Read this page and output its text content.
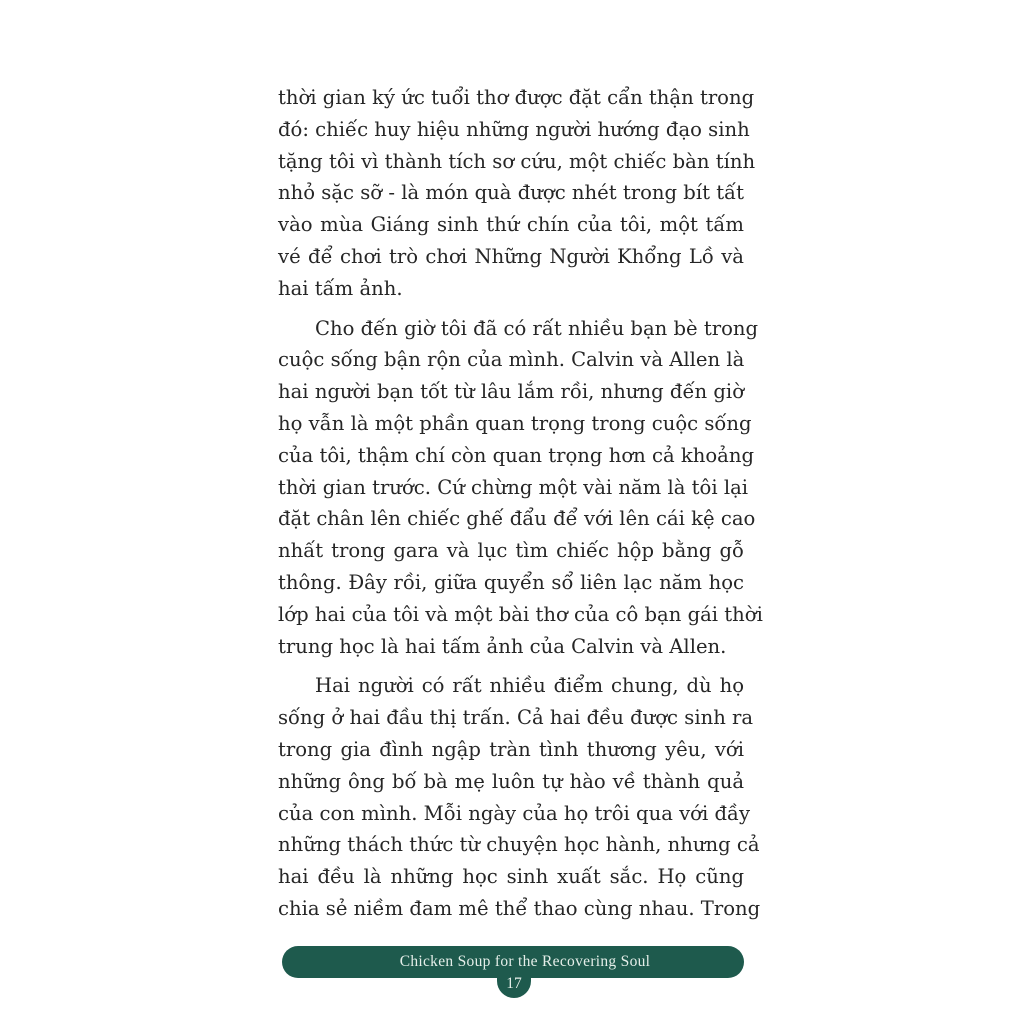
thời gian ký ức tuổi thơ được đặt cẩn thận trong
đó: chiếc huy hiệu những người hướng đạo sinh
tặng tôi vì thành tích sơ cứu, một chiếc bàn tính
nhỏ sặc sỡ - là món quà được nhét trong bít tất
vào mùa Giáng sinh thứ chín của tôi, một tấm
vé để chơi trò chơi Những Người Khổng Lồ và
hai tấm ảnh.
Cho đến giờ tôi đã có rất nhiều bạn bè trong
cuộc sống bận rộn của mình. Calvin và Allen là
hai người bạn tốt từ lâu lắm rồi, nhưng đến giờ
họ vẫn là một phần quan trọng trong cuộc sống
của tôi, thậm chí còn quan trọng hơn cả khoảng
thời gian trước. Cứ chừng một vài năm là tôi lại
đặt chân lên chiếc ghế đẩu để với lên cái kệ cao
nhất trong gara và lục tìm chiếc hộp bằng gỗ
thông. Đây rồi, giữa quyển sổ liên lạc năm học
lớp hai của tôi và một bài thơ của cô bạn gái thời
trung học là hai tấm ảnh của Calvin và Allen.
Hai người có rất nhiều điểm chung, dù họ
sống ở hai đầu thị trấn. Cả hai đều được sinh ra
trong gia đình ngập tràn tình thương yêu, với
những ông bố bà mẹ luôn tự hào về thành quả
của con mình. Mỗi ngày của họ trôi qua với đầy
những thách thức từ chuyện học hành, nhưng cả
hai đều là những học sinh xuất sắc. Họ cũng
chia sẻ niềm đam mê thể thao cùng nhau. Trong
Chicken Soup for the Recovering Soul
17
